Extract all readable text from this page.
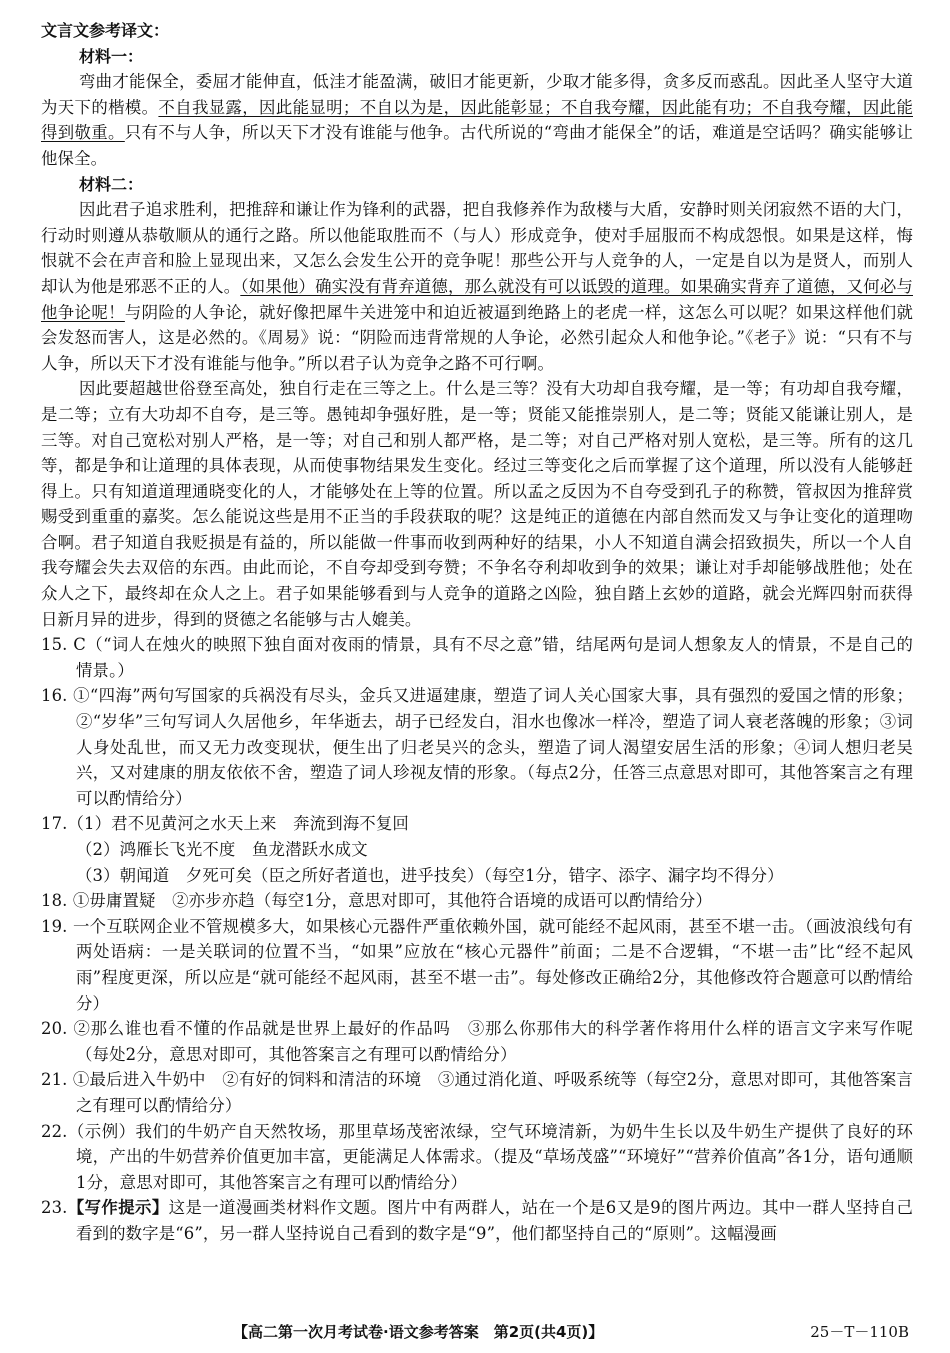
文言文参考译文：

材料一：

弯曲才能保全，委屈才能伸直，低洼才能盈满，破旧才能更新，少取才能多得，贪多反而惑乱。因此圣人坚守大道为天下的楷模。不自我显露，因此能显明；不自以为是，因此能彰显；不自我夸耀，因此能有功；不自我夸耀，因此能得到敬重。只有不与人争，所以天下才没有谁能与他争。古代所说的“弯曲才能保全”的话，难道是空话吗？确实能够让他保全。

材料二：

因此君子追求胜利，把推辞和谦让作为锋利的武器，把自我修养作为敌楼与大盾，安静时则关闭寂然不语的大门，行动时则遵从恭敬顺从的通行之路。所以他能取胜而不（与人）形成竞争，使对手屈服而不构成怨恨。如果是这样，悔恨就不会在声音和脸上显现出来，又怎么会发生公开的竞争呢！那些公开与人竞争的人，一定是自以为是贤人，而别人却认为他是邪恶不正的人。（如果他）确实没有背弃道德，那么就没有可以诋毁的道理。如果确实背弃了道德，又何必与他争论呢！与阴险的人争论，就好像把犀牛关进笼中和迫近被逼到绝路上的老虎一样，这怎么可以呢？如果这样他们就会发怒而害人，这是必然的。《周易》说：“阴险而违背常规的人争论，必然引起众人和他争论。”《老子》说：“只有不与人争，所以天下才没有谁能与他争。”所以君子认为竞争之路不可行啊。

因此要超越世俗登至高处，独自行走在三等之上。什么是三等？没有大功却自我夸耀，是一等；有功却自我夸耀，是二等；立有大功却不自夸，是三等。愚钝却争强好胜，是一等；贤能又能推崇别人，是二等；贤能又能谦让别人，是三等。对自己宽松对别人严格，是一等；对自己和别人都严格，是二等；对自己严格对别人宽松，是三等。所有的这几等，都是争和让道理的具体表现，从而使事物结果发生变化。经过三等变化之后而掌握了这个道理，所以没有人能够赶得上。只有知道道理通晓变化的人，才能够处在上等的位置。所以孟之反因为不自夸受到孔子的称赞，管叔因为推辞赏赐受到重重的嘉奖。怎么能说这些是用不正当的手段获取的呢？这是纯正的道德在内部自然而发又与争让变化的道理吻合啊。君子知道自我贬损是有益的，所以能做一件事而收到两种好的结果，小人不知道自满会招致损失，所以一个人自我夸耀会失去双倍的东西。由此而论，不自夸却受到夸赞；不争名夺利却收到争的效果；谦让对手却能够战胜他；处在众人之下，最终却在众人之上。君子如果能够看到与人竞争的道路之凶险，独自踏上玄妙的道路，就会光辉四射而获得日新月异的进步，得到的贤德之名能够与古人媲美。

15. C（“词人在烛火的映照下独自面对夜雨的情景，具有不尽之意”错，结尾两句是词人想象友人的情景，不是自己的情景。）

16. ①“四海”两句写国家的兵祸没有尽头，金兵又进逼建康，塑造了词人关心国家大事，具有强烈的爱国之情的形象；②“岁华”三句写词人久居他乡，年华逝去，胡子已经发白，泪水也像冰一样冷，塑造了词人衰老落魄的形象；③词人身处乱世，而又无力改变现状，便生出了归老吴兴的念头，塑造了词人渴望安居生活的形象；④词人想归老吴兴，又对建康的朋友依依不舍，塑造了词人珍视友情的形象。（每点2分，任答三点意思对即可，其他答案言之有理可以酌情给分）

17.（1）君不见黄河之水天上来　奔流到海不复回

（2）鸿雁长飞光不度　鱼龙潜跃水成文

（3）朝闻道　夕死可矣（臣之所好者道也，进乎技矣）（每空1分，错字、添字、漏字均不得分）

18. ①毋庸置疑　②亦步亦趋（每空1分，意思对即可，其他符合语境的成语可以酌情给分）

19. 一个互联网企业不管规模多大，如果核心元器件严重依赖外国，就可能经不起风雨，甚至不堪一击。（画波浪线句有两处语病：一是关联词的位置不当，“如果”应放在“核心元器件”前面；二是不合逻辑，“不堪一击”比“经不起风雨”程度更深，所以应是“就可能经不起风雨，甚至不堪一击”。每处修改正确给2分，其他修改符合题意可以酌情给分）

20. ②那么谁也看不懂的作品就是世界上最好的作品吗　③那么你那伟大的科学著作将用什么样的语言文字来写作呢（每处2分，意思对即可，其他答案言之有理可以酌情给分）

21. ①最后进入牛奶中　②有好的饲料和清洁的环境　③通过消化道、呼吸系统等（每空2分，意思对即可，其他答案言之有理可以酌情给分）

22.（示例）我们的牛奶产自天然牧场，那里草场茂密浓绿，空气环境清新，为奶牛生长以及牛奶生产提供了良好的环境，产出的牛奶营养价值更加丰富，更能满足人体需求。（提及“草场茂盛”“环境好”“营养价值高”各1分，语句通顺1分，意思对即可，其他答案言之有理可以酌情给分）

23.【写作提示】这是一道漫画类材料作文题。图片中有两群人，站在一个是6又是9的图片两边。其中一群人坚持自己看到的数字是“6”，另一群人坚持说自己看到的数字是“9”，他们都坚持自己的“原则”。这幅漫画

【高二第一次月考试卷·语文参考答案　第2页(共4页)】	25－T－110B
